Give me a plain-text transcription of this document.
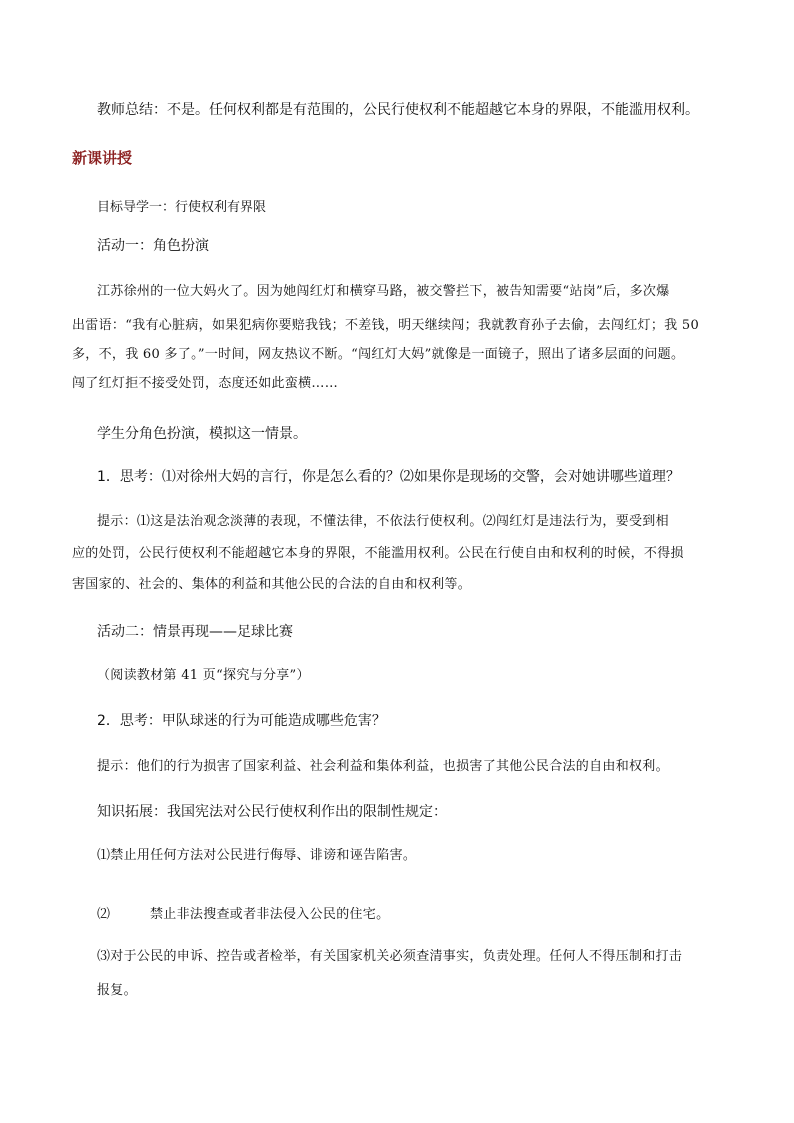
教师总结：不是。任何权利都是有范围的，公民行使权利不能超越它本身的界限，不能滥用权利。
新课讲授
目标导学一：行使权利有界限
活动一：角色扮演
江苏徐州的一位大妈火了。因为她闯红灯和横穿马路，被交警拦下，被告知需要“站岗”后，多次爆
出雷语：“我有心脏病，如果犯病你要赔我钱；不差钱，明天继续闯；我就教育孙子去偷，去闯红灯；我 50
多，不，我 60 多了。”一时间，网友热议不断。“闯红灯大妈”就像是一面镜子，照出了诸多层面的问题。
闯了红灯拒不接受处罚，态度还如此蛮横……
学生分角色扮演，模拟这一情景。
1．思考：⑴对徐州大妈的言行，你是怎么看的？⑵如果你是现场的交警，会对她讲哪些道理？
提示：⑴这是法治观念淡薄的表现，不懂法律，不依法行使权利。⑵闯红灯是违法行为，要受到相
应的处罚，公民行使权利不能超越它本身的界限，不能滥用权利。公民在行使自由和权利的时候，不得损
害国家的、社会的、集体的利益和其他公民的合法的自由和权利等。
活动二：情景再现——足球比赛
（阅读教材第 41 页“探究与分享”）
2．思考：甲队球迷的行为可能造成哪些危害？
提示：他们的行为损害了国家利益、社会利益和集体利益，也损害了其他公民合法的自由和权利。
知识拓展：我国宪法对公民行使权利作出的限制性规定：
⑴禁止用任何方法对公民进行侮辱、诽谤和诬告陷害。
⑵	禁止非法搜查或者非法侵入公民的住宅。
⑶对于公民的申诉、控告或者检举，有关国家机关必须查清事实，负责处理。任何人不得压制和打击
报复。
